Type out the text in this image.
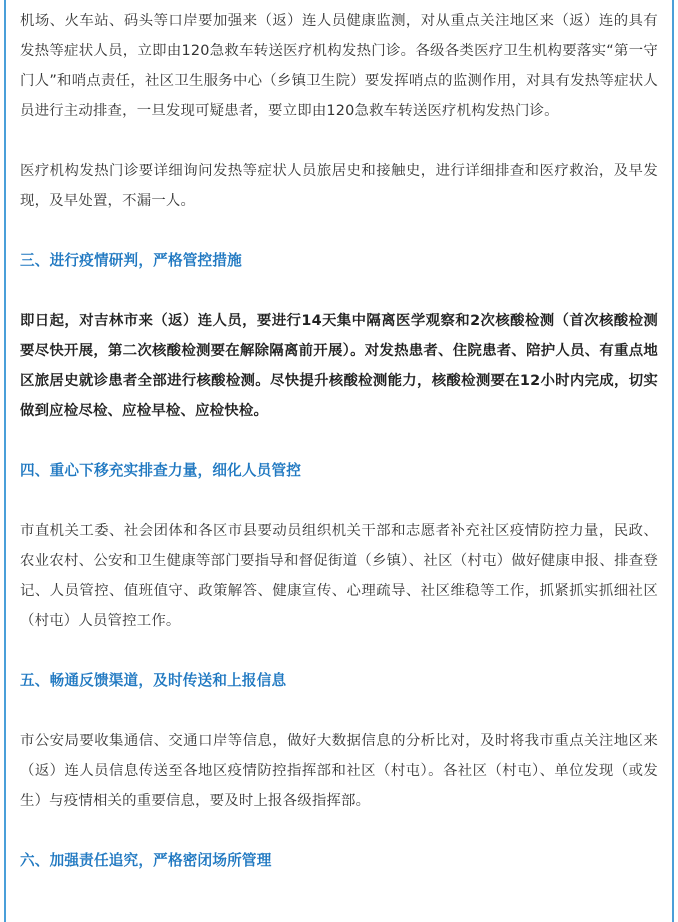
机场、火车站、码头等口岸要加强来（返）连人员健康监测，对从重点关注地区来（返）连的具有发热等症状人员，立即由120急救车转送医疗机构发热门诊。各级各类医疗卫生机构要落实“第一守门人”和哨点责任，社区卫生服务中心（乡镇卫生院）要发挥哨点的监测作用，对具有发热等症状人员进行主动排查，一旦发现可疑患者，要立即由120急救车转送医疗机构发热门诊。

医疗机构发热门诊要详细询问发热等症状人员旅居史和接触史，进行详细排查和医疗救治，及早发现，及早处置，不漏一人。

三、进行疫情研判，严格管控措施

即日起，对吉林市来（返）连人员，要进行14天集中隔离医学观察和2次核酸检测（首次核酸检测要尽快开展，第二次核酸检测要在解除隔离前开展）。对发热患者、住院患者、陪护人员、有重点地区旅居史就诊患者全部进行核酸检测。尽快提升核酸检测能力，核酸检测要在12小时内完成，切实做到应检尽检、应检早检、应检快检。

四、重心下移充实排查力量，细化人员管控

市直机关工委、社会团体和各区市县要动员组织机关干部和志愿者补充社区疫情防控力量，民政、农业农村、公安和卫生健康等部门要指导和督促街道（乡镇）、社区（村屯）做好健康申报、排查登记、人员管控、值班值守、政策解答、健康宣传、心理疏导、社区维稳等工作，抓紧抓实抓细社区（村屯）人员管控工作。

五、畅通反馈渠道，及时传送和上报信息

市公安局要收集通信、交通口岸等信息，做好大数据信息的分析比对，及时将我市重点关注地区来（返）连人员信息传送至各地区疫情防控指挥部和社区（村屯）。各社区（村屯）、单位发现（或发生）与疫情相关的重要信息，要及时上报各级指挥部。

六、加强责任追究，严格密闭场所管理
